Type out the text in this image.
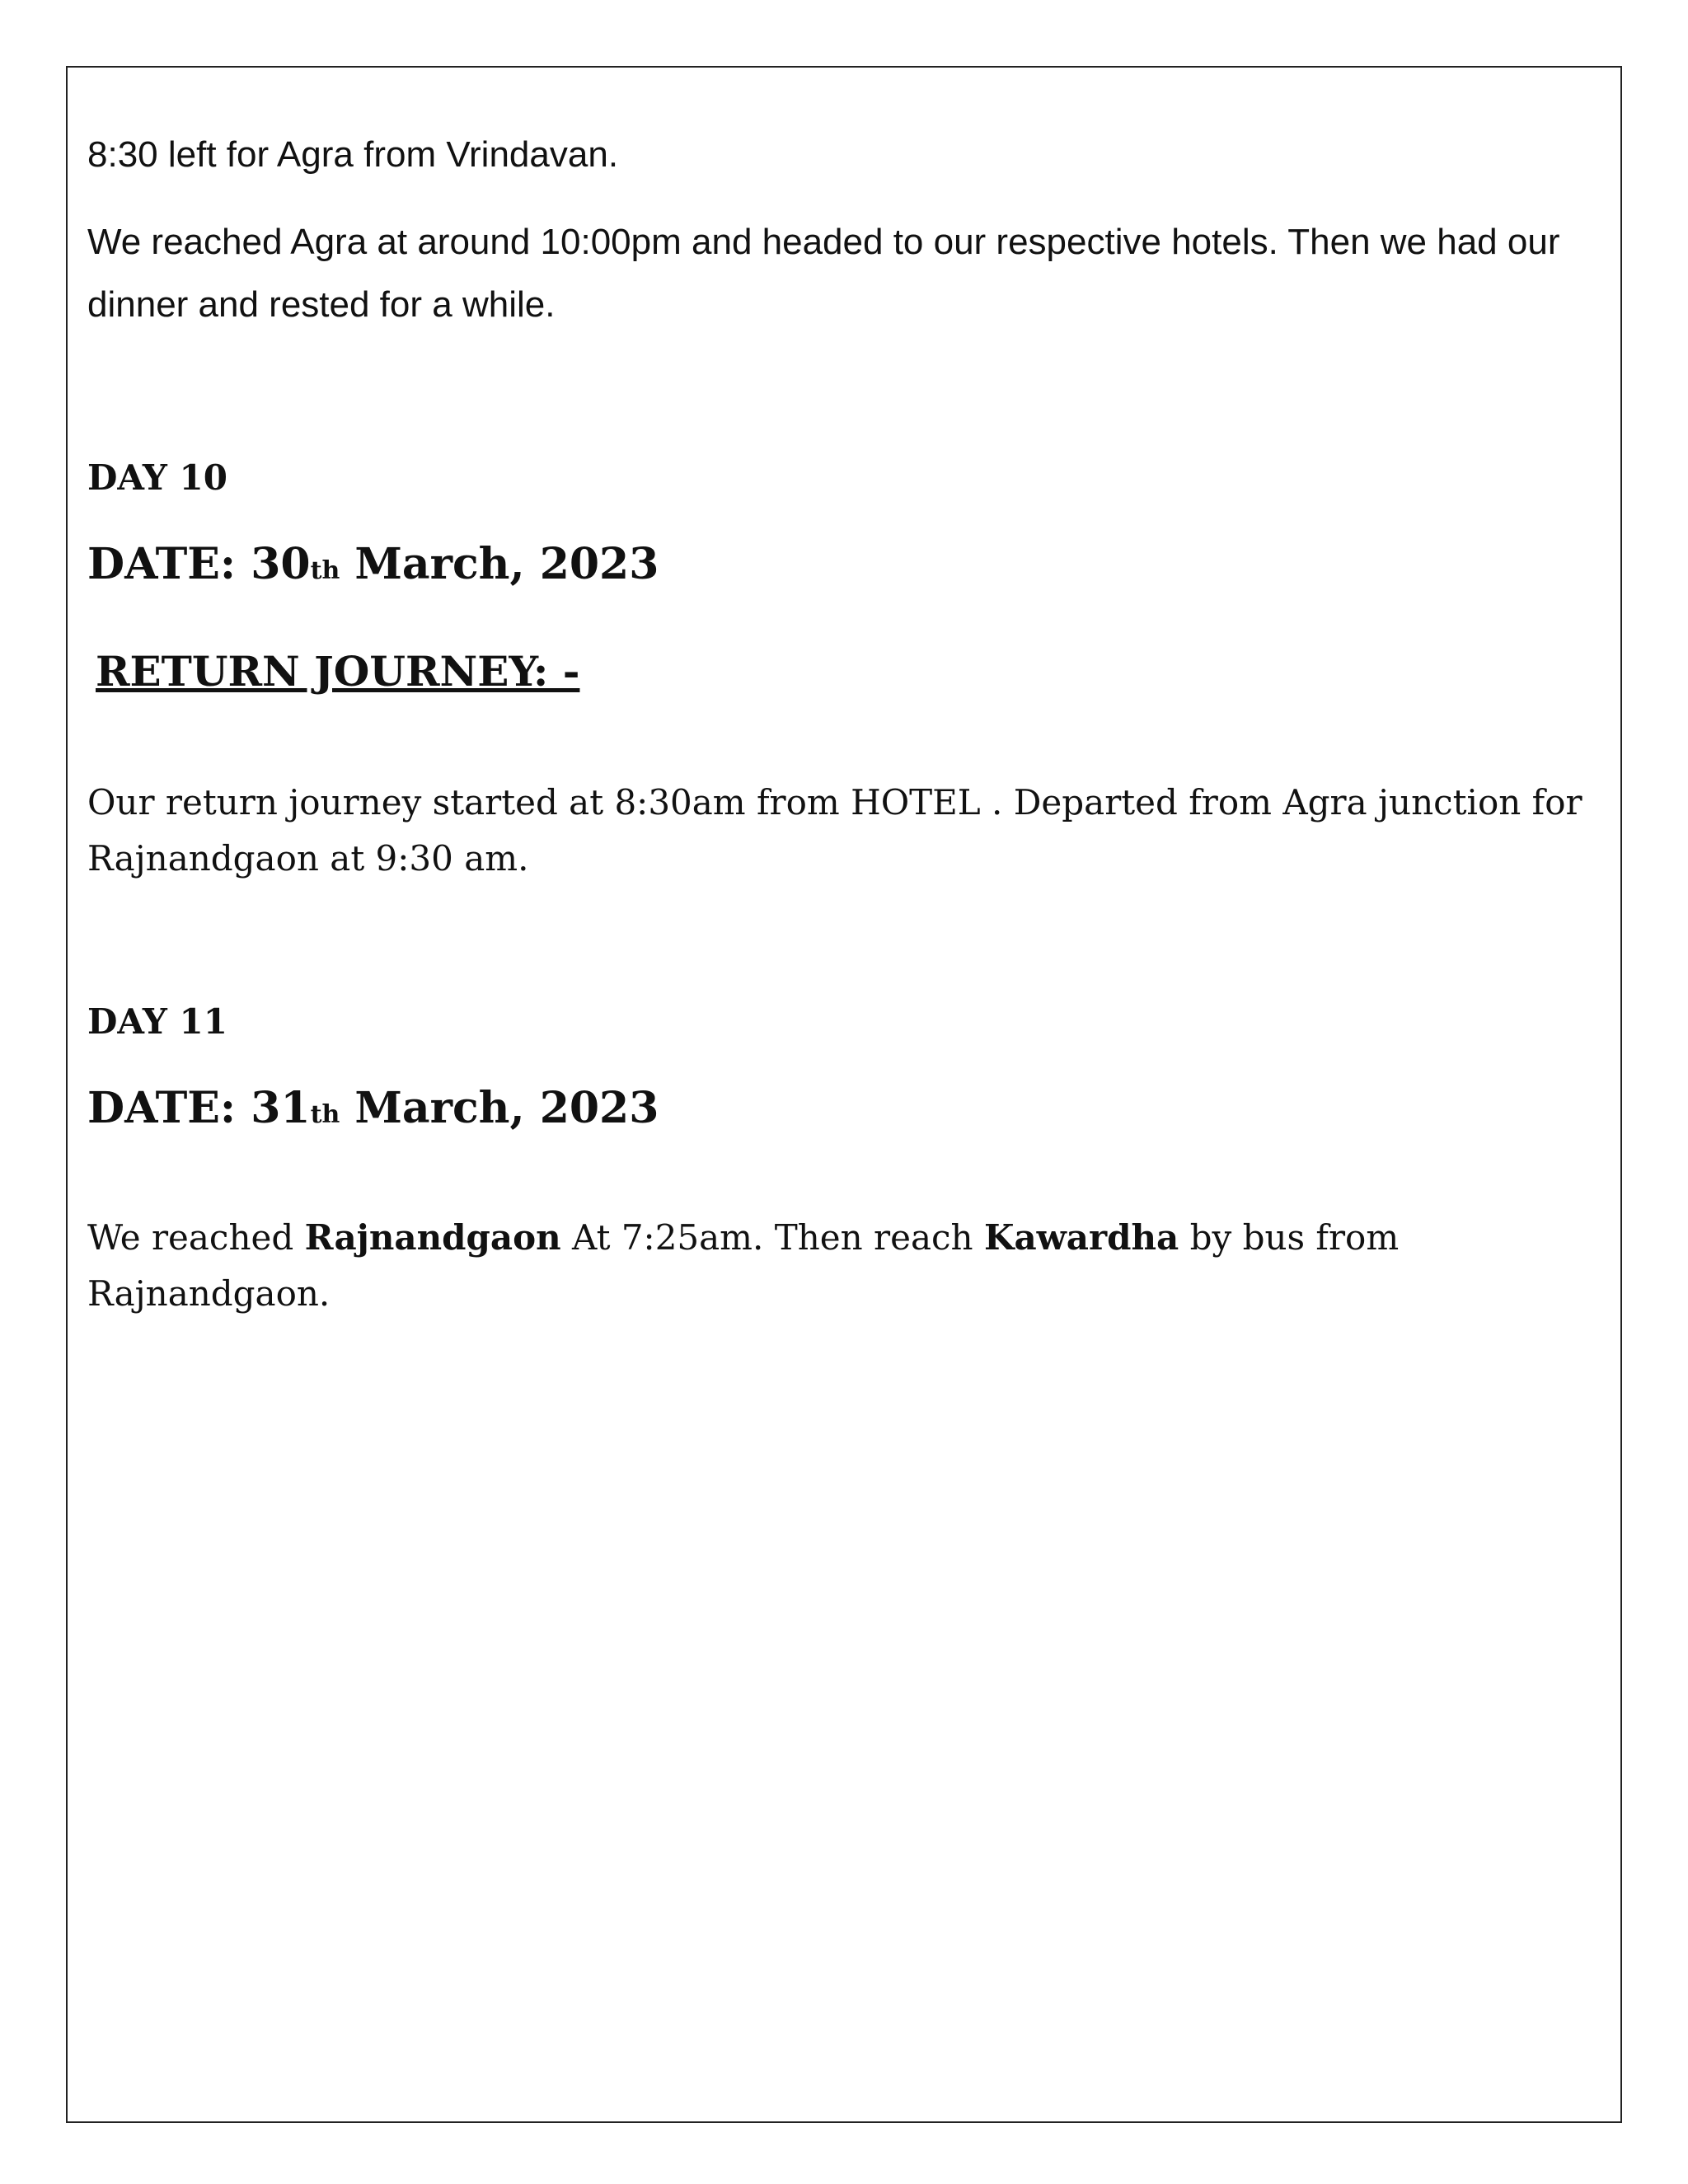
8:30 left for Agra from Vrindavan.

We reached Agra at around 10:00pm and headed to our respective hotels. Then we had our dinner and rested for a while.

DAY 10

DATE: 30th March, 2023

RETURN JOURNEY: -

Our return journey started at 8:30am from HOTEL . Departed from Agra junction for Rajnandgaon at 9:30 am.

DAY 11

DATE: 31th March, 2023

We reached Rajnandgaon At 7:25am. Then reach Kawardha by bus from Rajnandgaon.
